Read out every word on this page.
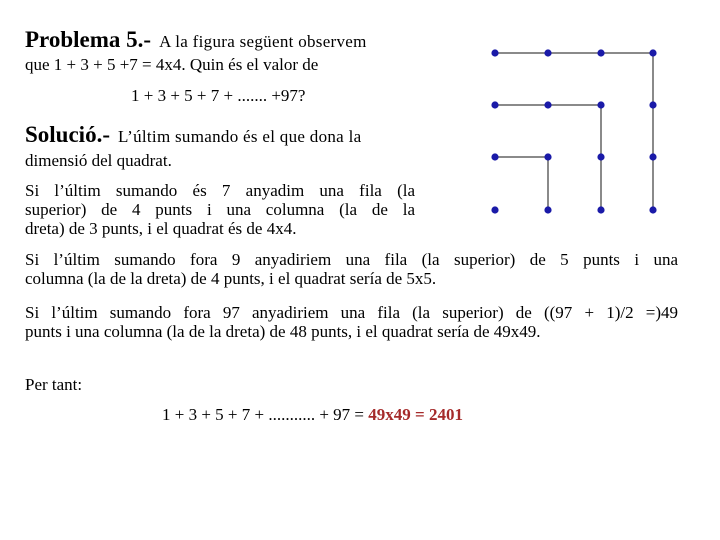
Problema 5.- A la figura següent observem
que 1 + 3 + 5 +7 = 4x4. Quin és el valor de
1 + 3 + 5 + 7 + ....... +97?
Solució.- L’últim sumando és el que dona la
dimensió del quadrat.
Si l’últim sumando és 7 anyadim una fila (la
superior) de 4 punts i una columna (la de la
dreta) de 3 punts, i el quadrat és de 4x4.
Si l’últim sumando fora 9 anyadiriem una fila (la superior) de 5 punts i una
columna (la de la dreta) de 4 punts, i el quadrat sería de 5x5.
Si l’últim sumando fora 97 anyadiriem una fila (la superior) de ((97 + 1)/2 =)49
punts i una columna (la de la dreta) de 48 punts, i el quadrat sería de 49x49.
Per tant:
1 + 3 + 5 + 7 + ........... + 97 = 49x49 = 2401
